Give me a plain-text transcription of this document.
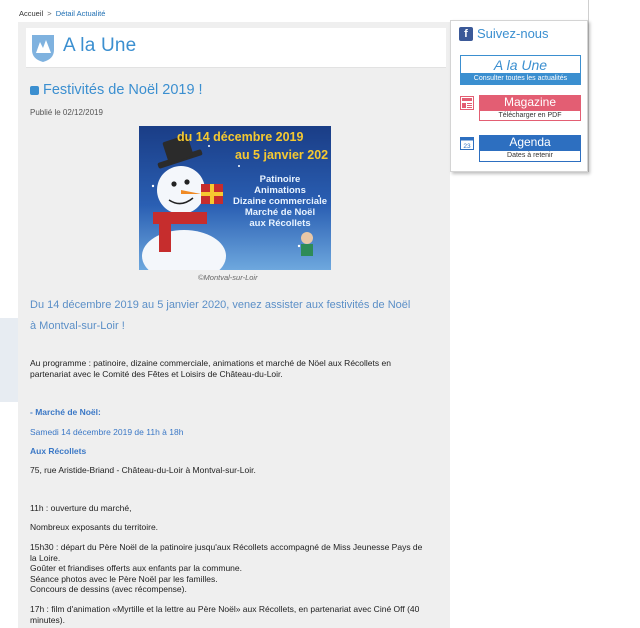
Accueil > Détail Actualité
A la Une
Festivités de Noël 2019 !
Publié le 02/12/2019
du 14 décembre 2019
au 5 janvier 202
Patinoire
Animations
Dizaine commerciale
Marché de Noël
aux Récollets
©Montval-sur-Loir
Du 14 décembre 2019 au 5 janvier 2020, venez assister aux festivités de Noël
à Montval-sur-Loir !
Au programme : patinoire, dizaine commerciale, animations et marché de Nöel aux Récollets en
partenariat avec le Comité des Fêtes et Loisirs de Château-du-Loir.
- Marché de Noël:
Samedi 14 décembre 2019 de 11h à 18h
Aux Récollets
75, rue Aristide-Briand - Château-du-Loir à Montval-sur-Loir.
11h : ouverture du marché,
Nombreux exposants du territoire.
15h30 : départ du Père Noël de la patinoire jusqu'aux Récollets accompagné de Miss Jeunesse Pays de
la Loire.
Goûter et friandises offerts aux enfants par la commune.
Séance photos avec le Père Noël par les familles.
Concours de dessins (avec récompense).
17h : film d'animation «Myrtille et la lettre au Père Noël» aux Récollets, en partenariat avec Ciné Off (40
minutes).
f Suivez-nous
A la Une
Consulter toutes les actualités
Magazine
Télécharger en PDF
23	Agenda
Dates à retenir
